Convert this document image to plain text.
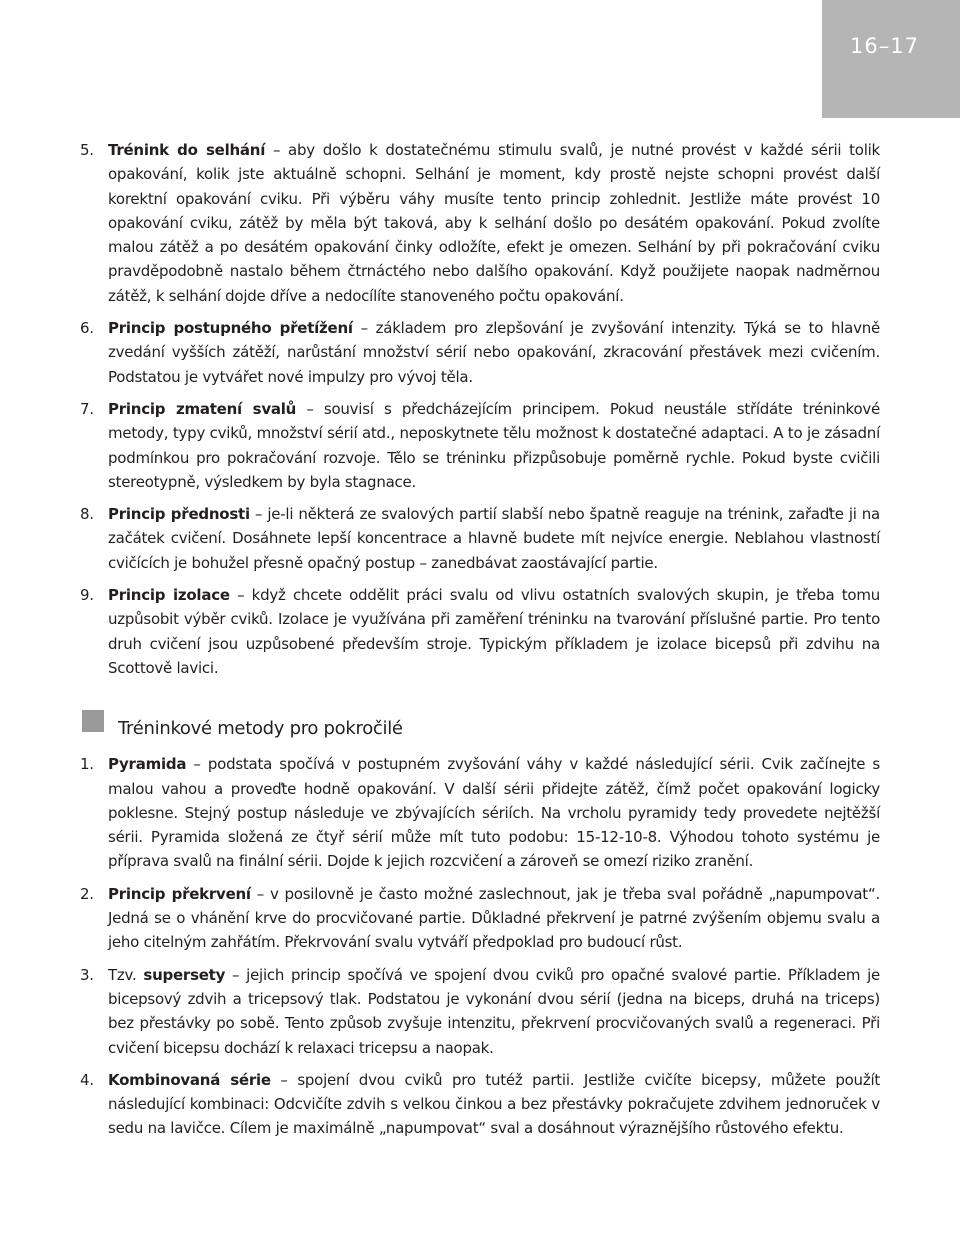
16–17
5. Trénink do selhání – aby došlo k dostatečnému stimulu svalů, je nutné provést v každé sérii tolik opakování, kolik jste aktuálně schopni. Selhání je moment, kdy prostě nejste schopni provést další korektní opakování cviku. Při výběru váhy musíte tento princip zohlednit. Jestliže máte provést 10 opakování cviku, zátěž by měla být taková, aby k selhání došlo po desátém opakování. Pokud zvolíte malou zátěž a po desátém opakování činky odložíte, efekt je omezen. Selhání by při pokračování cviku pravděpodobně nastalo během čtrnáctého nebo dalšího opakování. Když použijete naopak nadměrnou zátěž, k selhání dojde dříve a nedocílíte stanoveného počtu opakování.
6. Princip postupného přetížení – základem pro zlepšování je zvyšování intenzity. Týká se to hlavně zvedání vyšších zátěží, narůstání množství sérií nebo opakování, zkracování přestávek mezi cvičením. Podstatou je vytvářet nové impulzy pro vývoj těla.
7. Princip zmatení svalů – souvisí s předcházejícím principem. Pokud neustále střídáte tréninkové metody, typy cviků, množství sérií atd., neposkytnete tělu možnost k dostatečné adaptaci. A to je zásadní podmínkou pro pokračování rozvoje. Tělo se tréninku přizpůsobuje poměrně rychle. Pokud byste cvičili stereotypně, výsledkem by byla stagnace.
8. Princip přednosti – je-li některá ze svalových partií slabší nebo špatně reaguje na trénink, zařaďte ji na začátek cvičení. Dosáhnete lepší koncentrace a hlavně budete mít nejvíce energie. Neblahou vlastností cvičících je bohužel přesně opačný postup – zanedbávat zaostávající partie.
9. Princip izolace – když chcete oddělit práci svalu od vlivu ostatních svalových skupin, je třeba tomu uzpůsobit výběr cviků. Izolace je využívána při zaměření tréninku na tvarování příslušné partie. Pro tento druh cvičení jsou uzpůsobené především stroje. Typickým příkladem je izolace bicepsů při zdvihu na Scottově lavici.
Tréninkové metody pro pokročilé
1. Pyramida – podstata spočívá v postupném zvyšování váhy v každé následující sérii. Cvik začínejte s malou vahou a proveďte hodně opakování. V další sérii přidejte zátěž, čímž počet opakování logicky poklesne. Stejný postup následuje ve zbývajících sériích. Na vrcholu pyramidy tedy provedete nejtěžší sérii. Pyramida složená ze čtyř sérií může mít tuto podobu: 15-12-10-8. Výhodou tohoto systému je příprava svalů na finální sérii. Dojde k jejich rozcvičení a zároveň se omezí riziko zranění.
2. Princip překrvení – v posilovně je často možné zaslechnout, jak je třeba sval pořádně „napumpovat“. Jedná se o vhánění krve do procvičované partie. Důkladné překrvení je patrné zvýšením objemu svalu a jeho citelným zahřátím. Překrvování svalu vytváří předpoklad pro budoucí růst.
3. Tzv. supersety – jejich princip spočívá ve spojení dvou cviků pro opačné svalové partie. Příkladem je bicepsový zdvih a tricepsový tlak. Podstatou je vykonání dvou sérií (jedna na biceps, druhá na triceps) bez přestávky po sobě. Tento způsob zvyšuje intenzitu, překrvení procvičovaných svalů a regeneraci. Při cvičení bicepsu dochází k relaxaci tricepsu a naopak.
4. Kombinovaná série – spojení dvou cviků pro tutéž partii. Jestliže cvičíte bicepsy, můžete použít následující kombinaci: Odcvičíte zdvih s velkou činkou a bez přestávky pokračujete zdvihem jednoruček v sedu na lavičce. Cílem je maximálně „napumpovat“ sval a dosáhnout výraznějšího růstového efektu.
